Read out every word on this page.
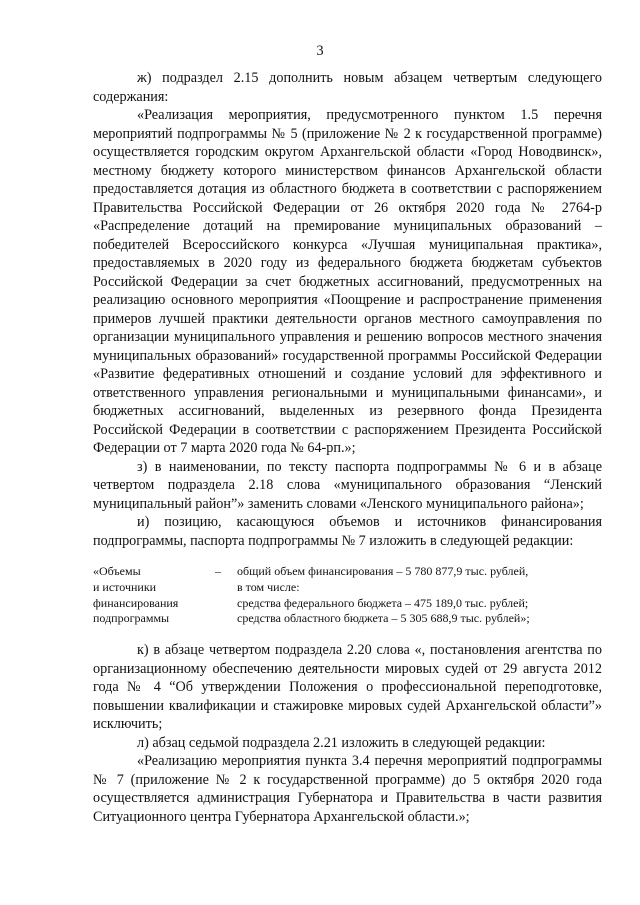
3

ж) подраздел 2.15 дополнить новым абзацем четвертым следующего содержания:

«Реализация мероприятия, предусмотренного пунктом 1.5 перечня мероприятий подпрограммы № 5 (приложение № 2 к государственной программе) осуществляется городским округом Архангельской области «Город Новодвинск», местному бюджету которого министерством финансов Архангельской области предоставляется дотация из областного бюджета в соответствии с распоряжением Правительства Российской Федерации от 26 октября 2020 года № 2764-р «Распределение дотаций на премирование муниципальных образований – победителей Всероссийского конкурса «Лучшая муниципальная практика», предоставляемых в 2020 году из федерального бюджета бюджетам субъектов Российской Федерации за счет бюджетных ассигнований, предусмотренных на реализацию основного мероприятия «Поощрение и распространение применения примеров лучшей практики деятельности органов местного самоуправления по организации муниципального управления и решению вопросов местного значения муниципальных образований» государственной программы Российской Федерации «Развитие федеративных отношений и создание условий для эффективного и ответственного управления региональными и муниципальными финансами», и бюджетных ассигнований, выделенных из резервного фонда Президента Российской Федерации в соответствии с распоряжением Президента Российской Федерации от 7 марта 2020 года № 64-рп.»;

з) в наименовании, по тексту паспорта подпрограммы № 6 и в абзаце четвертом подраздела 2.18 слова «муниципального образования “Ленский муниципальный район”» заменить словами «Ленского муниципального района»;

и) позицию, касающуюся объемов и источников финансирования подпрограммы, паспорта подпрограммы № 7 изложить в следующей редакции:

«Объемы
и источники
финансирования
подпрограммы
–	общий объем финансирования – 5 780 877,9 тыс. рублей,
в том числе:
средства федерального бюджета – 475 189,0 тыс. рублей;
средства областного бюджета – 5 305 688,9 тыс. рублей»;

к) в абзаце четвертом подраздела 2.20 слова «, постановления агентства по организационному обеспечению деятельности мировых судей от 29 августа 2012 года № 4 “Об утверждении Положения о профессиональной переподготовке, повышении квалификации и стажировке мировых судей Архангельской области”» исключить;

л) абзац седьмой подраздела 2.21 изложить в следующей редакции:

«Реализацию мероприятия пункта 3.4 перечня мероприятий подпрограммы № 7 (приложение № 2 к государственной программе) до 5 октября 2020 года осуществляется администрация Губернатора и Правительства в части развития Ситуационного центра Губернатора Архангельской области.»;
